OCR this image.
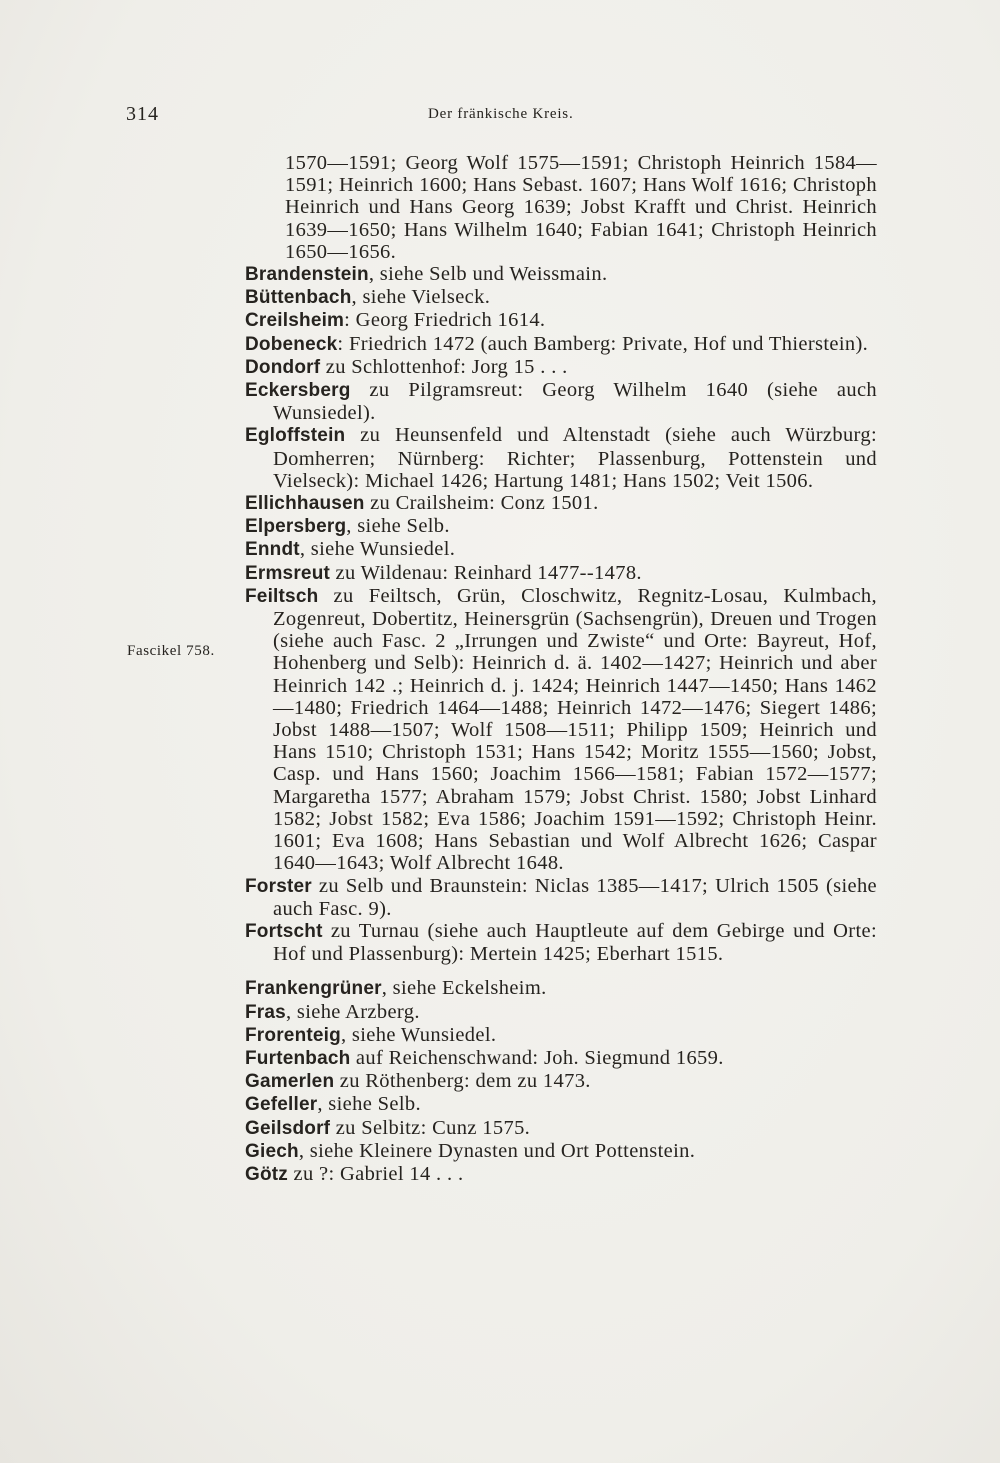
314	Der fränkische Kreis.
Fascikel 758.

1570—1591; Georg Wolf 1575—1591; Christoph Heinrich 1584—1591; Heinrich 1600; Hans Sebast. 1607; Hans Wolf 1616; Christoph Heinrich und Hans Georg 1639; Jobst Krafft und Christ. Heinrich 1639—1650; Hans Wilhelm 1640; Fabian 1641; Christoph Heinrich 1650—1656.

Brandenstein, siehe Selb und Weissmain.

Büttenbach, siehe Vielseck.

Creilsheim: Georg Friedrich 1614.

Dobeneck: Friedrich 1472 (auch Bamberg: Private, Hof und Thierstein).

Dondorf zu Schlottenhof: Jorg 15 . . .

Eckersberg zu Pilgramsreut: Georg Wilhelm 1640 (siehe auch Wunsiedel).

Egloffstein zu Heunsenfeld und Altenstadt (siehe auch Würzburg: Domherren; Nürnberg: Richter; Plassenburg, Pottenstein und Vielseck): Michael 1426; Hartung 1481; Hans 1502; Veit 1506.

Ellichhausen zu Crailsheim: Conz 1501.

Elpersberg, siehe Selb.

Enndt, siehe Wunsiedel.

Ermsreut zu Wildenau: Reinhard 1477--1478.

Feiltsch zu Feiltsch, Grün, Closchwitz, Regnitz-Losau, Kulmbach, Zogenreut, Dobertitz, Heinersgrün (Sachsengrün), Dreuen und Trogen (siehe auch Fasc. 2 „Irrungen und Zwiste“ und Orte: Bayreut, Hof, Hohenberg und Selb): Heinrich d. ä. 1402—1427; Heinrich und aber Heinrich 142 .; Heinrich d. j. 1424; Heinrich 1447—1450; Hans 1462—1480; Friedrich 1464—1488; Heinrich 1472—1476; Siegert 1486; Jobst 1488—1507; Wolf 1508—1511; Philipp 1509; Heinrich und Hans 1510; Christoph 1531; Hans 1542; Moritz 1555—1560; Jobst, Casp. und Hans 1560; Joachim 1566—1581; Fabian 1572—1577; Margaretha 1577; Abraham 1579; Jobst Christ. 1580; Jobst Linhard 1582; Jobst 1582; Eva 1586; Joachim 1591—1592; Christoph Heinr. 1601; Eva 1608; Hans Sebastian und Wolf Albrecht 1626; Caspar 1640—1643; Wolf Albrecht 1648.

Forster zu Selb und Braunstein: Niclas 1385—1417; Ulrich 1505 (siehe auch Fasc. 9).

Fortscht zu Turnau (siehe auch Hauptleute auf dem Gebirge und Orte: Hof und Plassenburg): Mertein 1425; Eberhart 1515.

Frankengrüner, siehe Eckelsheim.

Fras, siehe Arzberg.

Frorenteig, siehe Wunsiedel.

Furtenbach auf Reichenschwand: Joh. Siegmund 1659.

Gamerlen zu Röthenberg: dem zu 1473.

Gefeller, siehe Selb.

Geilsdorf zu Selbitz: Cunz 1575.

Giech, siehe Kleinere Dynasten und Ort Pottenstein.

Götz zu ?: Gabriel 14 . . .
